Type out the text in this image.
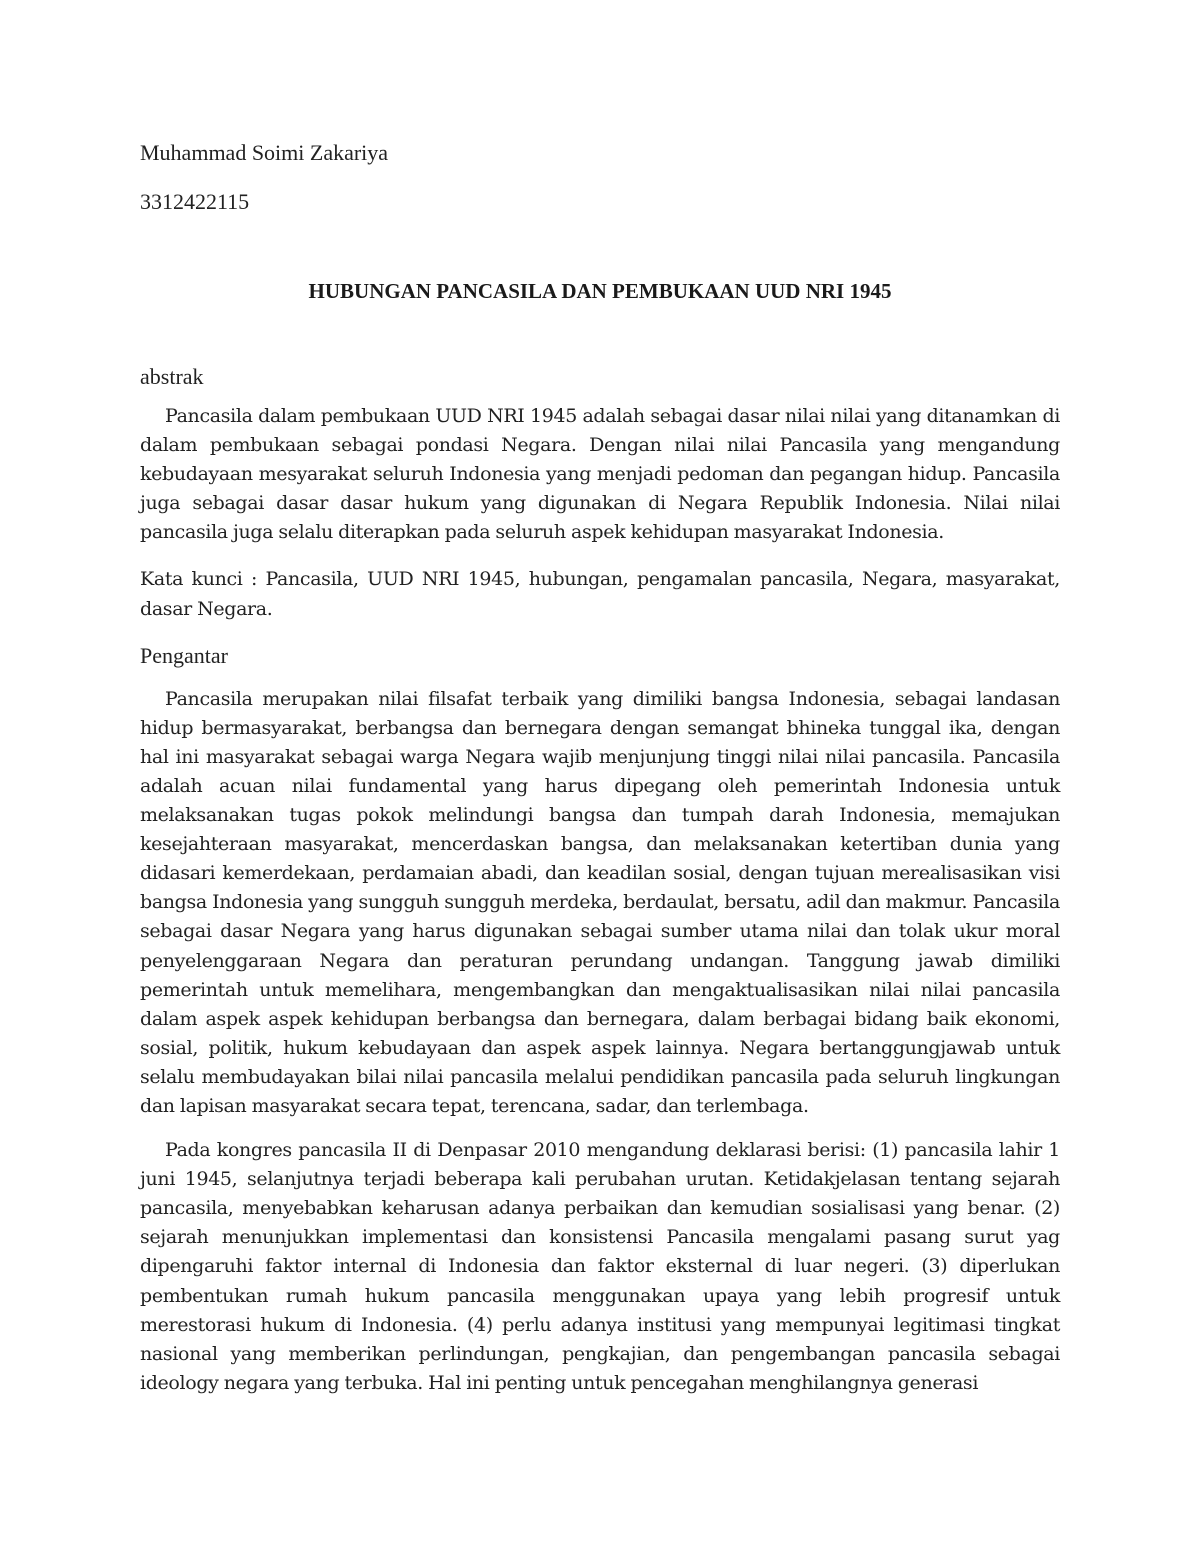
Muhammad Soimi Zakariya

3312422115

HUBUNGAN PANCASILA DAN PEMBUKAAN UUD NRI 1945

abstrak

Pancasila dalam pembukaan UUD NRI 1945 adalah sebagai dasar nilai nilai yang ditanamkan di dalam pembukaan sebagai pondasi Negara. Dengan nilai nilai Pancasila yang mengandung kebudayaan mesyarakat seluruh Indonesia yang menjadi pedoman dan pegangan hidup. Pancasila juga sebagai dasar dasar hukum yang digunakan di Negara Republik Indonesia. Nilai nilai pancasila juga selalu diterapkan pada seluruh aspek kehidupan masyarakat Indonesia.

Kata kunci : Pancasila, UUD NRI 1945, hubungan, pengamalan pancasila, Negara, masyarakat, dasar Negara.

Pengantar

Pancasila merupakan nilai filsafat terbaik yang dimiliki bangsa Indonesia, sebagai landasan hidup bermasyarakat, berbangsa dan bernegara dengan semangat bhineka tunggal ika, dengan hal ini masyarakat sebagai warga Negara wajib menjunjung tinggi nilai nilai pancasila. Pancasila adalah acuan nilai fundamental yang harus dipegang oleh pemerintah Indonesia untuk melaksanakan tugas pokok melindungi bangsa dan tumpah darah Indonesia, memajukan kesejahteraan masyarakat, mencerdaskan bangsa, dan melaksanakan ketertiban dunia yang didasari kemerdekaan, perdamaian abadi, dan keadilan sosial, dengan tujuan merealisasikan visi bangsa Indonesia yang sungguh sungguh merdeka, berdaulat, bersatu, adil dan makmur. Pancasila sebagai dasar Negara yang harus digunakan sebagai sumber utama nilai dan tolak ukur moral penyelenggaraan Negara dan peraturan perundang undangan. Tanggung jawab dimiliki pemerintah untuk memelihara, mengembangkan dan mengaktualisasikan nilai nilai pancasila dalam aspek aspek kehidupan berbangsa dan bernegara, dalam berbagai bidang baik ekonomi, sosial, politik, hukum kebudayaan dan aspek aspek lainnya. Negara bertanggungjawab untuk selalu membudayakan bilai nilai pancasila melalui pendidikan pancasila pada seluruh lingkungan dan lapisan masyarakat secara tepat, terencana, sadar, dan terlembaga.

Pada kongres pancasila II di Denpasar 2010 mengandung deklarasi berisi: (1) pancasila lahir 1 juni 1945, selanjutnya terjadi beberapa kali perubahan urutan. Ketidakjelasan tentang sejarah pancasila, menyebabkan keharusan adanya perbaikan dan kemudian sosialisasi yang benar. (2) sejarah menunjukkan implementasi dan konsistensi Pancasila mengalami pasang surut yag dipengaruhi faktor internal di Indonesia dan faktor eksternal di luar negeri. (3) diperlukan pembentukan rumah hukum pancasila menggunakan upaya yang lebih progresif untuk merestorasi hukum di Indonesia. (4) perlu adanya institusi yang mempunyai legitimasi tingkat nasional yang memberikan perlindungan, pengkajian, dan pengembangan pancasila sebagai ideology negara yang terbuka. Hal ini penting untuk pencegahan menghilangnya generasi
